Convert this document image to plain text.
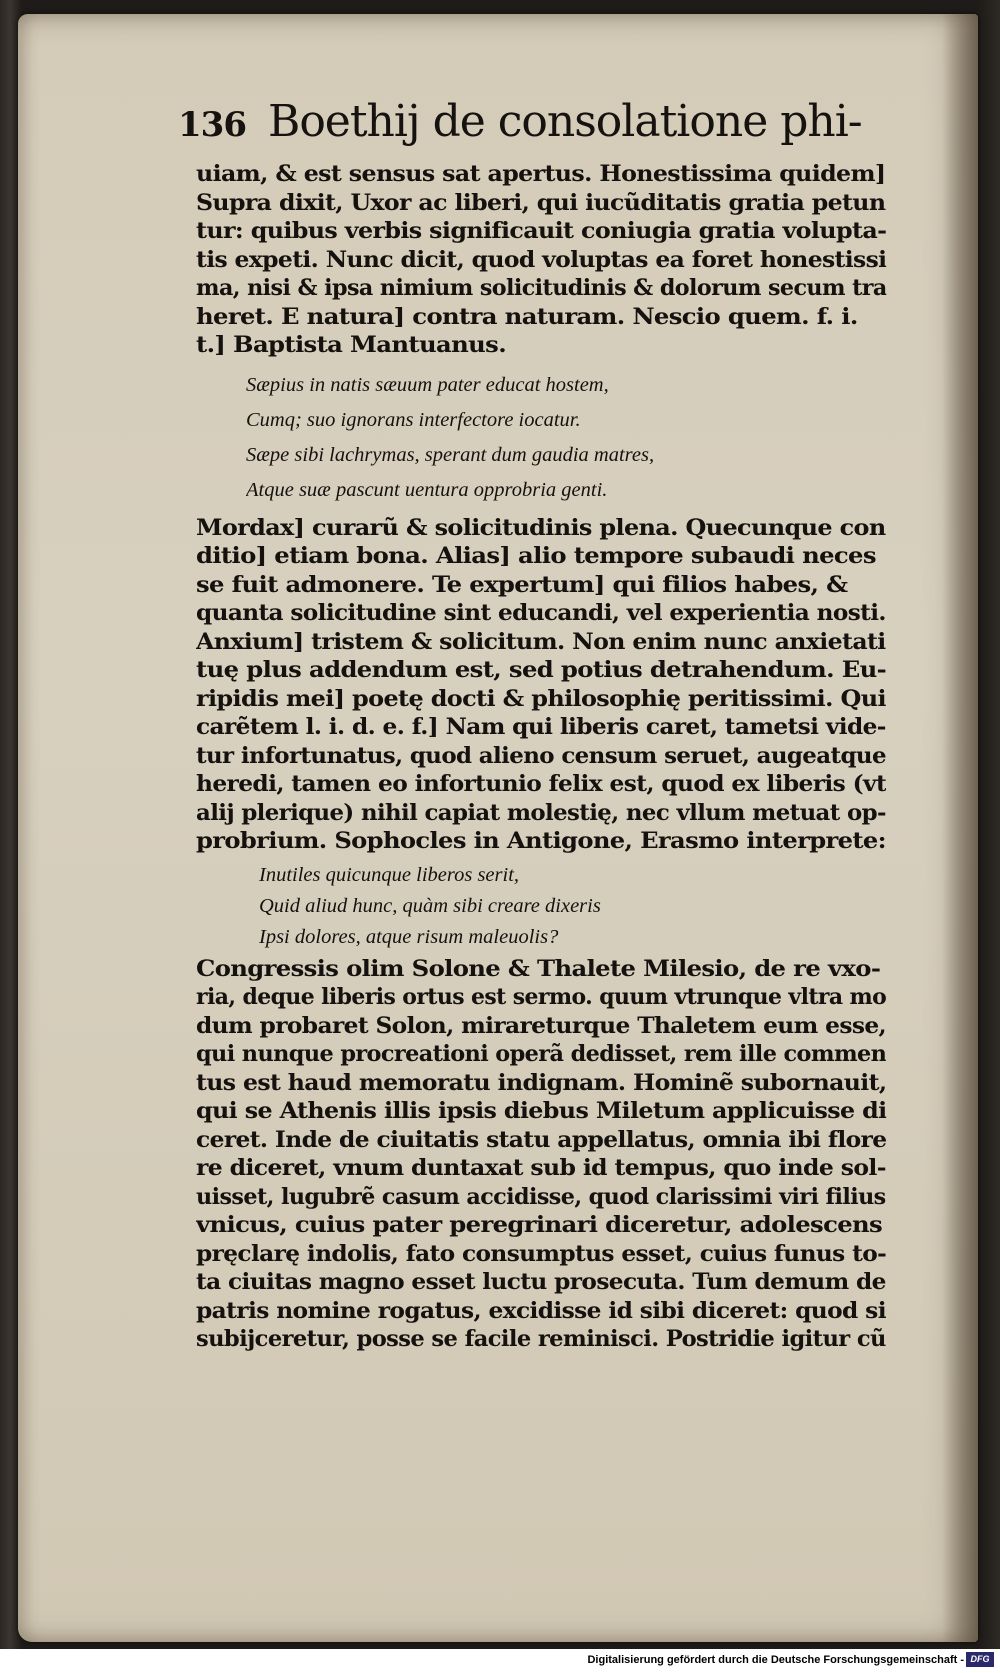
136 Boethij de consolatione phi-
uiam, & est sensus sat apertus. Honestissima quidem]
Supra dixit, Uxor ac liberi, qui iucũditatis gratia petun
tur: quibus verbis significauit coniugia gratia volupta-
tis expeti. Nunc dicit, quod voluptas ea foret honestissi
ma, nisi & ipsa nimium solicitudinis & dolorum secum tra
heret. E natura] contra naturam. Nescio quem. f. i.
t.] Baptista Mantuanus.
Sæpius in natis sæuum pater educat hostem,
Cumq; suo ignorans interfectore iocatur.
Sæpe sibi lachrymas, sperant dum gaudia matres,
Atque suæ pascunt uentura opprobria genti.
Mordax] curarũ & solicitudinis plena. Quecunque con
ditio] etiam bona. Alias] alio tempore subaudi neces
se fuit admonere. Te expertum] qui filios habes, &
quanta solicitudine sint educandi, vel experientia nosti.
Anxium] tristem & solicitum. Non enim nunc anxietati
tuę plus addendum est, sed potius detrahendum. Eu-
ripidis mei] poetę docti & philosophię peritissimi. Qui
carẽtem l. i. d. e. f.] Nam qui liberis caret, tametsi vide-
tur infortunatus, quod alieno censum seruet, augeatque
heredi, tamen eo infortunio felix est, quod ex liberis (vt
alij plerique) nihil capiat molestię, nec vllum metuat op-
probrium. Sophocles in Antigone, Erasmo interprete:
Inutiles quicunque liberos serit,
Quid aliud hunc, quàm sibi creare dixeris
Ipsi dolores, atque risum maleuolis?
Congressis olim Solone & Thalete Milesio, de re vxo-
ria, deque liberis ortus est sermo. quum vtrunque vltra mo
dum probaret Solon, mirareturque Thaletem eum esse,
qui nunque procreationi operã dedisset, rem ille commen
tus est haud memoratu indignam. Hominẽ subornauit,
qui se Athenis illis ipsis diebus Miletum applicuisse di
ceret. Inde de ciuitatis statu appellatus, omnia ibi flore
re diceret, vnum duntaxat sub id tempus, quo inde sol-
uisset, lugubrẽ casum accidisse, quod clarissimi viri filius
vnicus, cuius pater peregrinari diceretur, adolescens
pręclarę indolis, fato consumptus esset, cuius funus to-
ta ciuitas magno esset luctu prosecuta. Tum demum de
patris nomine rogatus, excidisse id sibi diceret: quod si
subijceretur, posse se facile reminisci. Postridie igitur cũ
Digitalisierung gefördert durch die Deutsche Forschungsgemeinschaft - DFG
